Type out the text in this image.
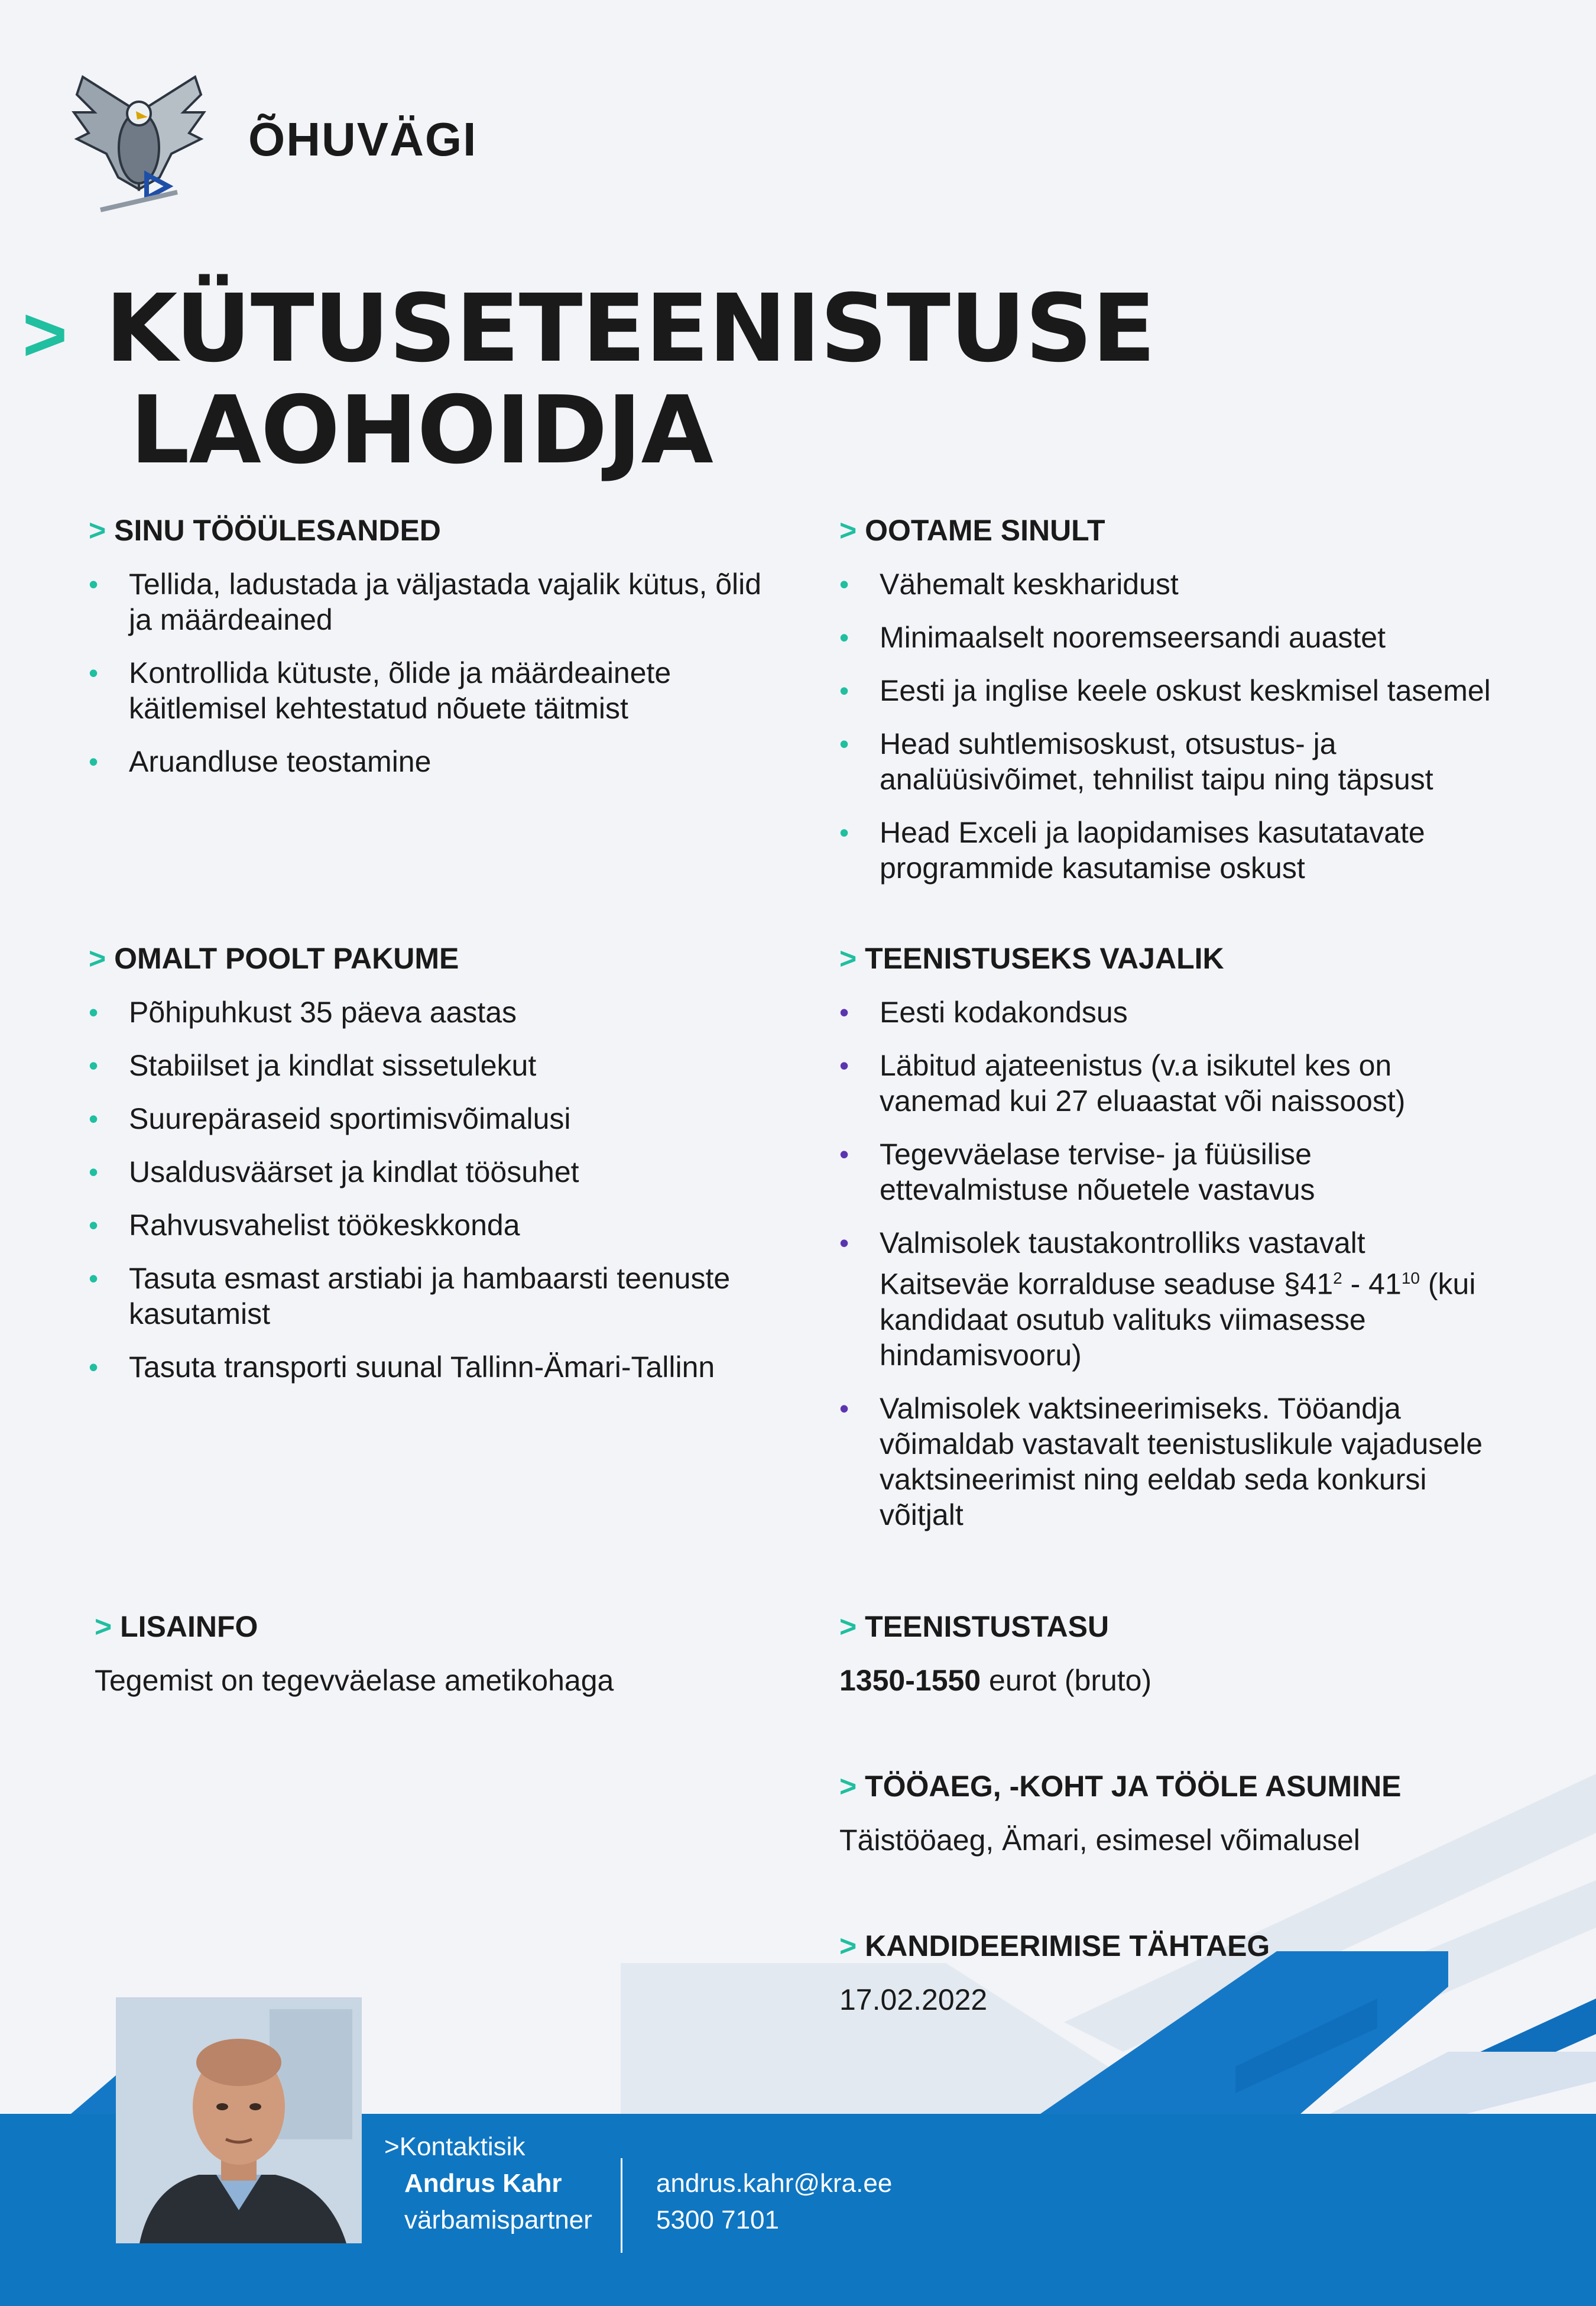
ÕHUVÄGI
> KÜTUSETEENISTUSE
LAOHOIDJA
> SINU TÖÖÜLESANDED
• Tellida, ladustada ja väljastada vajalik kütus, õlid ja määrdeained
• Kontrollida kütuste, õlide ja määrdeainete käitlemisel kehtestatud nõuete täitmist
• Aruandluse teostamine
> OOTAME SINULT
• Vähemalt keskharidust
• Minimaalselt nooremseersandi auastet
• Eesti ja inglise keele oskust keskmisel tasemel
• Head suhtlemisoskust, otsustus- ja analüüsivõimet, tehnilist taipu ning täpsust
• Head Exceli ja laopidamises kasutatavate programmide kasutamise oskust
> OMALT POOLT PAKUME
• Põhipuhkust 35 päeva aastas
• Stabiilset ja kindlat sissetulekut
• Suurepäraseid sportimisvõimalusi
• Usaldusväärset ja kindlat töösuhet
• Rahvusvahelist töökeskkonda
• Tasuta esmast arstiabi ja hambaarsti teenuste kasutamist
• Tasuta transporti suunal Tallinn-Ämari-Tallinn
> TEENISTUSEKS VAJALIK
• Eesti kodakondsus
• Läbitud ajateenistus (v.a isikutel kes on vanemad kui 27 eluaastat või naissoost)
• Tegevväelase tervise- ja füüsilise ettevalmistuse nõuetele vastavus
• Valmisolek taustakontrolliks vastavalt Kaitseväe korralduse seaduse $\S 41^2 - 41^{10}$ (kui kandidaat osutub valituks viimasesse hindamisvooru)
• Valmisolek vaktsineerimiseks. Tööandja võimaldab vastavalt teenistuslikule vajadusele vaktsineerimist ning eeldab seda konkursi võitjalt
> LISAINFO
Tegemist on tegevväelase ametikohaga
> TEENISTUSTASU
1350-1550 eurot (bruto)
> TÖÖAEG, -KOHT JA TÖÖLE ASUMINE
Täistööaeg, Ämari, esimesel võimalusel
> KANDIDEERIMISE TÄHTAEG
17.02.2022
>Kontaktisik
Andrus Kahr
värbamispartner
andrus.kahr@kra.ee
5300 7101
